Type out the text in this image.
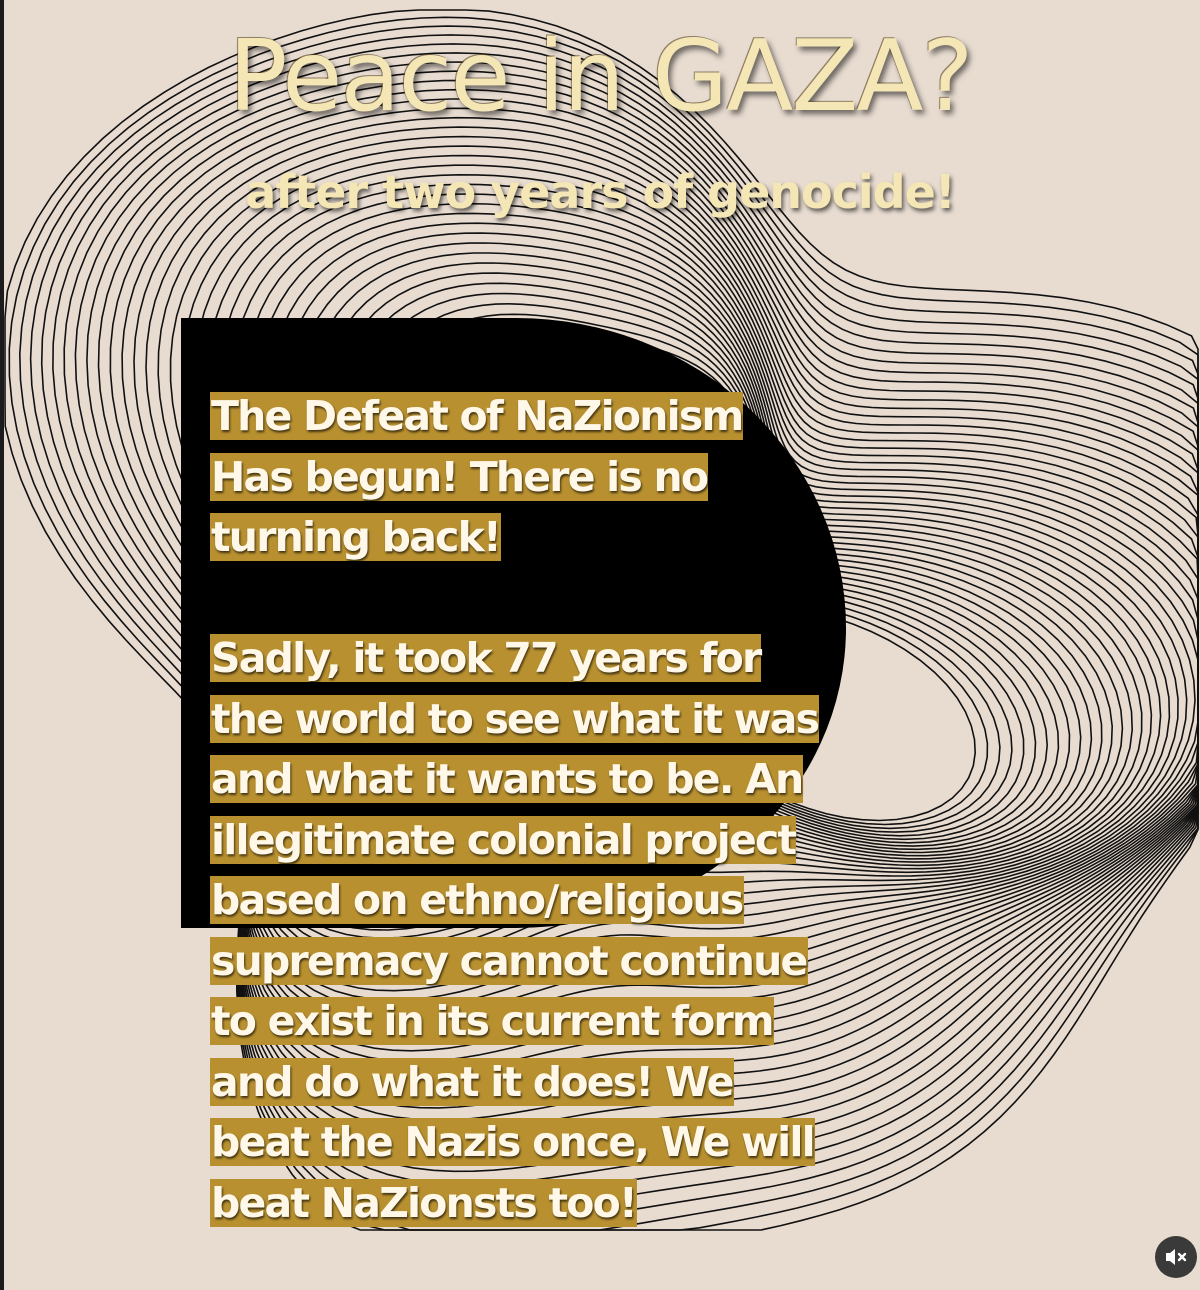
Peace in GAZA?
after two years of genocide!
The Defeat of NaZionism
Has begun! There is no
turning back!
Sadly, it took 77 years for
the world to see what it was
and what it wants to be. An
illegitimate colonial project
based on ethno/religious
supremacy cannot continue
to exist in its current form
and do what it does! We
beat the Nazis once, We will
beat NaZionsts too!
